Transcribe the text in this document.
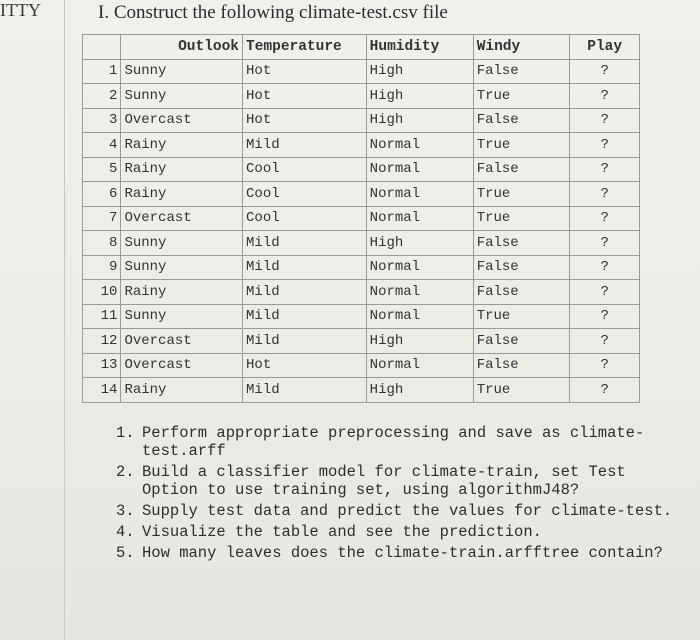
ITTY	I. Construct the following climate-test.csv file
	Outlook	Temperature	Humidity	Windy	Play
1	Sunny	Hot	High	False	?
2	Sunny	Hot	High	True	?
3	Overcast	Hot	High	False	?
4	Rainy	Mild	Normal	True	?
5	Rainy	Cool	Normal	False	?
6	Rainy	Cool	Normal	True	?
7	Overcast	Cool	Normal	True	?
8	Sunny	Mild	High	False	?
9	Sunny	Mild	Normal	False	?
10	Rainy	Mild	Normal	False	?
11	Sunny	Mild	Normal	True	?
12	Overcast	Mild	High	False	?
13	Overcast	Hot	Normal	False	?
14	Rainy	Mild	High	True	?
1. Perform appropriate preprocessing and save as climate-test.arff
2. Build a classifier model for climate-train, set Test Option to use training set, using algorithmJ48?
3. Supply test data and predict the values for climate-test.
4. Visualize the table and see the prediction.
5. How many leaves does the climate-train.arfftree contain?
